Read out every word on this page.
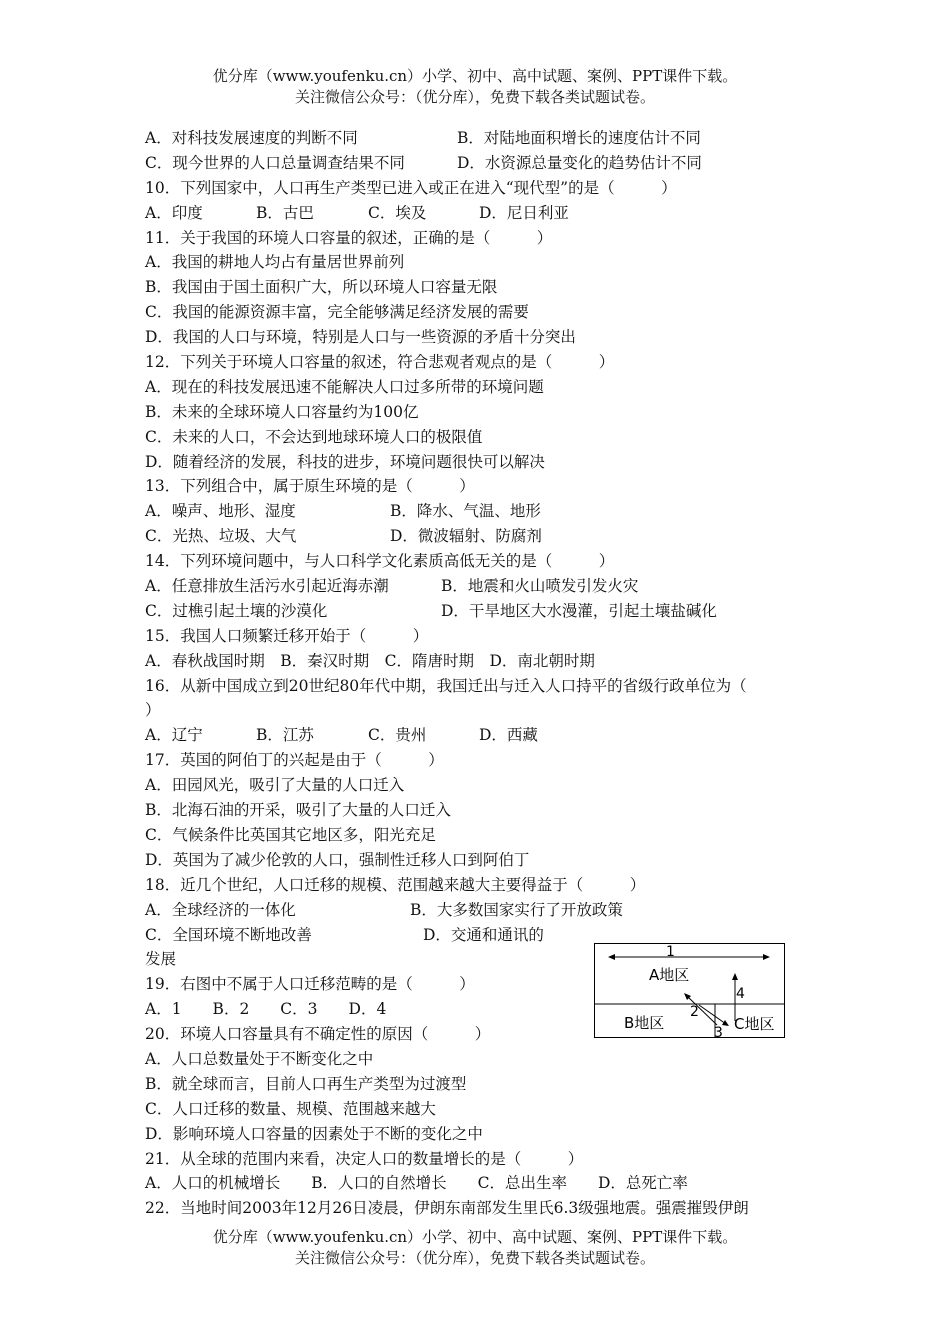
优分库（www.youfenku.cn）小学、初中、高中试题、案例、PPT课件下载。
关注微信公众号：（优分库），免费下载各类试题试卷。
A．对科技发展速度的判断不同	B．对陆地面积增长的速度估计不同
C．现今世界的人口总量调查结果不同	D．水资源总量变化的趋势估计不同
10．下列国家中，人口再生产类型已进入或正在进入“现代型”的是（　　　）
A．印度	B．古巴	C．埃及	D．尼日利亚
11．关于我国的环境人口容量的叙述，正确的是（　　　）
A．我国的耕地人均占有量居世界前列
B．我国由于国土面积广大，所以环境人口容量无限
C．我国的能源资源丰富，完全能够满足经济发展的需要
D．我国的人口与环境，特别是人口与一些资源的矛盾十分突出
12．下列关于环境人口容量的叙述，符合悲观者观点的是（　　　）
A．现在的科技发展迅速不能解决人口过多所带的环境问题
B．未来的全球环境人口容量约为100亿
C．未来的人口，不会达到地球环境人口的极限值
D．随着经济的发展，科技的进步，环境问题很快可以解决
13．下列组合中，属于原生环境的是（　　　）
A．噪声、地形、湿度	B．降水、气温、地形
C．光热、垃圾、大气	D．微波辐射、防腐剂
14．下列环境问题中，与人口科学文化素质高低无关的是（　　　）
A．任意排放生活污水引起近海赤潮	B．地震和火山喷发引发火灾
C．过樵引起土壤的沙漠化	D．干旱地区大水漫灌，引起土壤盐碱化
15．我国人口频繁迁移开始于（　　　）
A．春秋战国时期　B．秦汉时期　C．隋唐时期　D．南北朝时期
16．从新中国成立到20世纪80年代中期，我国迁出与迁入人口持平的省级行政单位为（
）
A．辽宁	B．江苏	C．贵州	D．西藏
17．英国的阿伯丁的兴起是由于（　　　）
A．田园风光，吸引了大量的人口迁入
B．北海石油的开采，吸引了大量的人口迁入
C．气候条件比英国其它地区多，阳光充足
D．英国为了减少伦敦的人口，强制性迁移人口到阿伯丁
18．近几个世纪，人口迁移的规模、范围越来越大主要得益于（　　　）
A．全球经济的一体化	B．大多数国家实行了开放政策
C．全国环境不断地改善	D．交通和通讯的
发展
19．右图中不属于人口迁移范畴的是（　　　）
A．1　　B．2　　C．3　　D．4
20．环境人口容量具有不确定性的原因（　　　）
A．人口总数量处于不断变化之中
B．就全球而言，目前人口再生产类型为过渡型
C．人口迁移的数量、规模、范围越来越大
D．影响环境人口容量的因素处于不断的变化之中
21．从全球的范围内来看，决定人口的数量增长的是（　　　）
A．人口的机械增长　　B．人口的自然增长　　C．总出生率　　D．总死亡率
22．当地时间2003年12月26日凌晨，伊朗东南部发生里氏6.3级强地震。强震摧毁伊朗
1
A地区
4
2
B地区
3 C地区
优分库（www.youfenku.cn）小学、初中、高中试题、案例、PPT课件下载。
关注微信公众号：（优分库），免费下载各类试题试卷。
